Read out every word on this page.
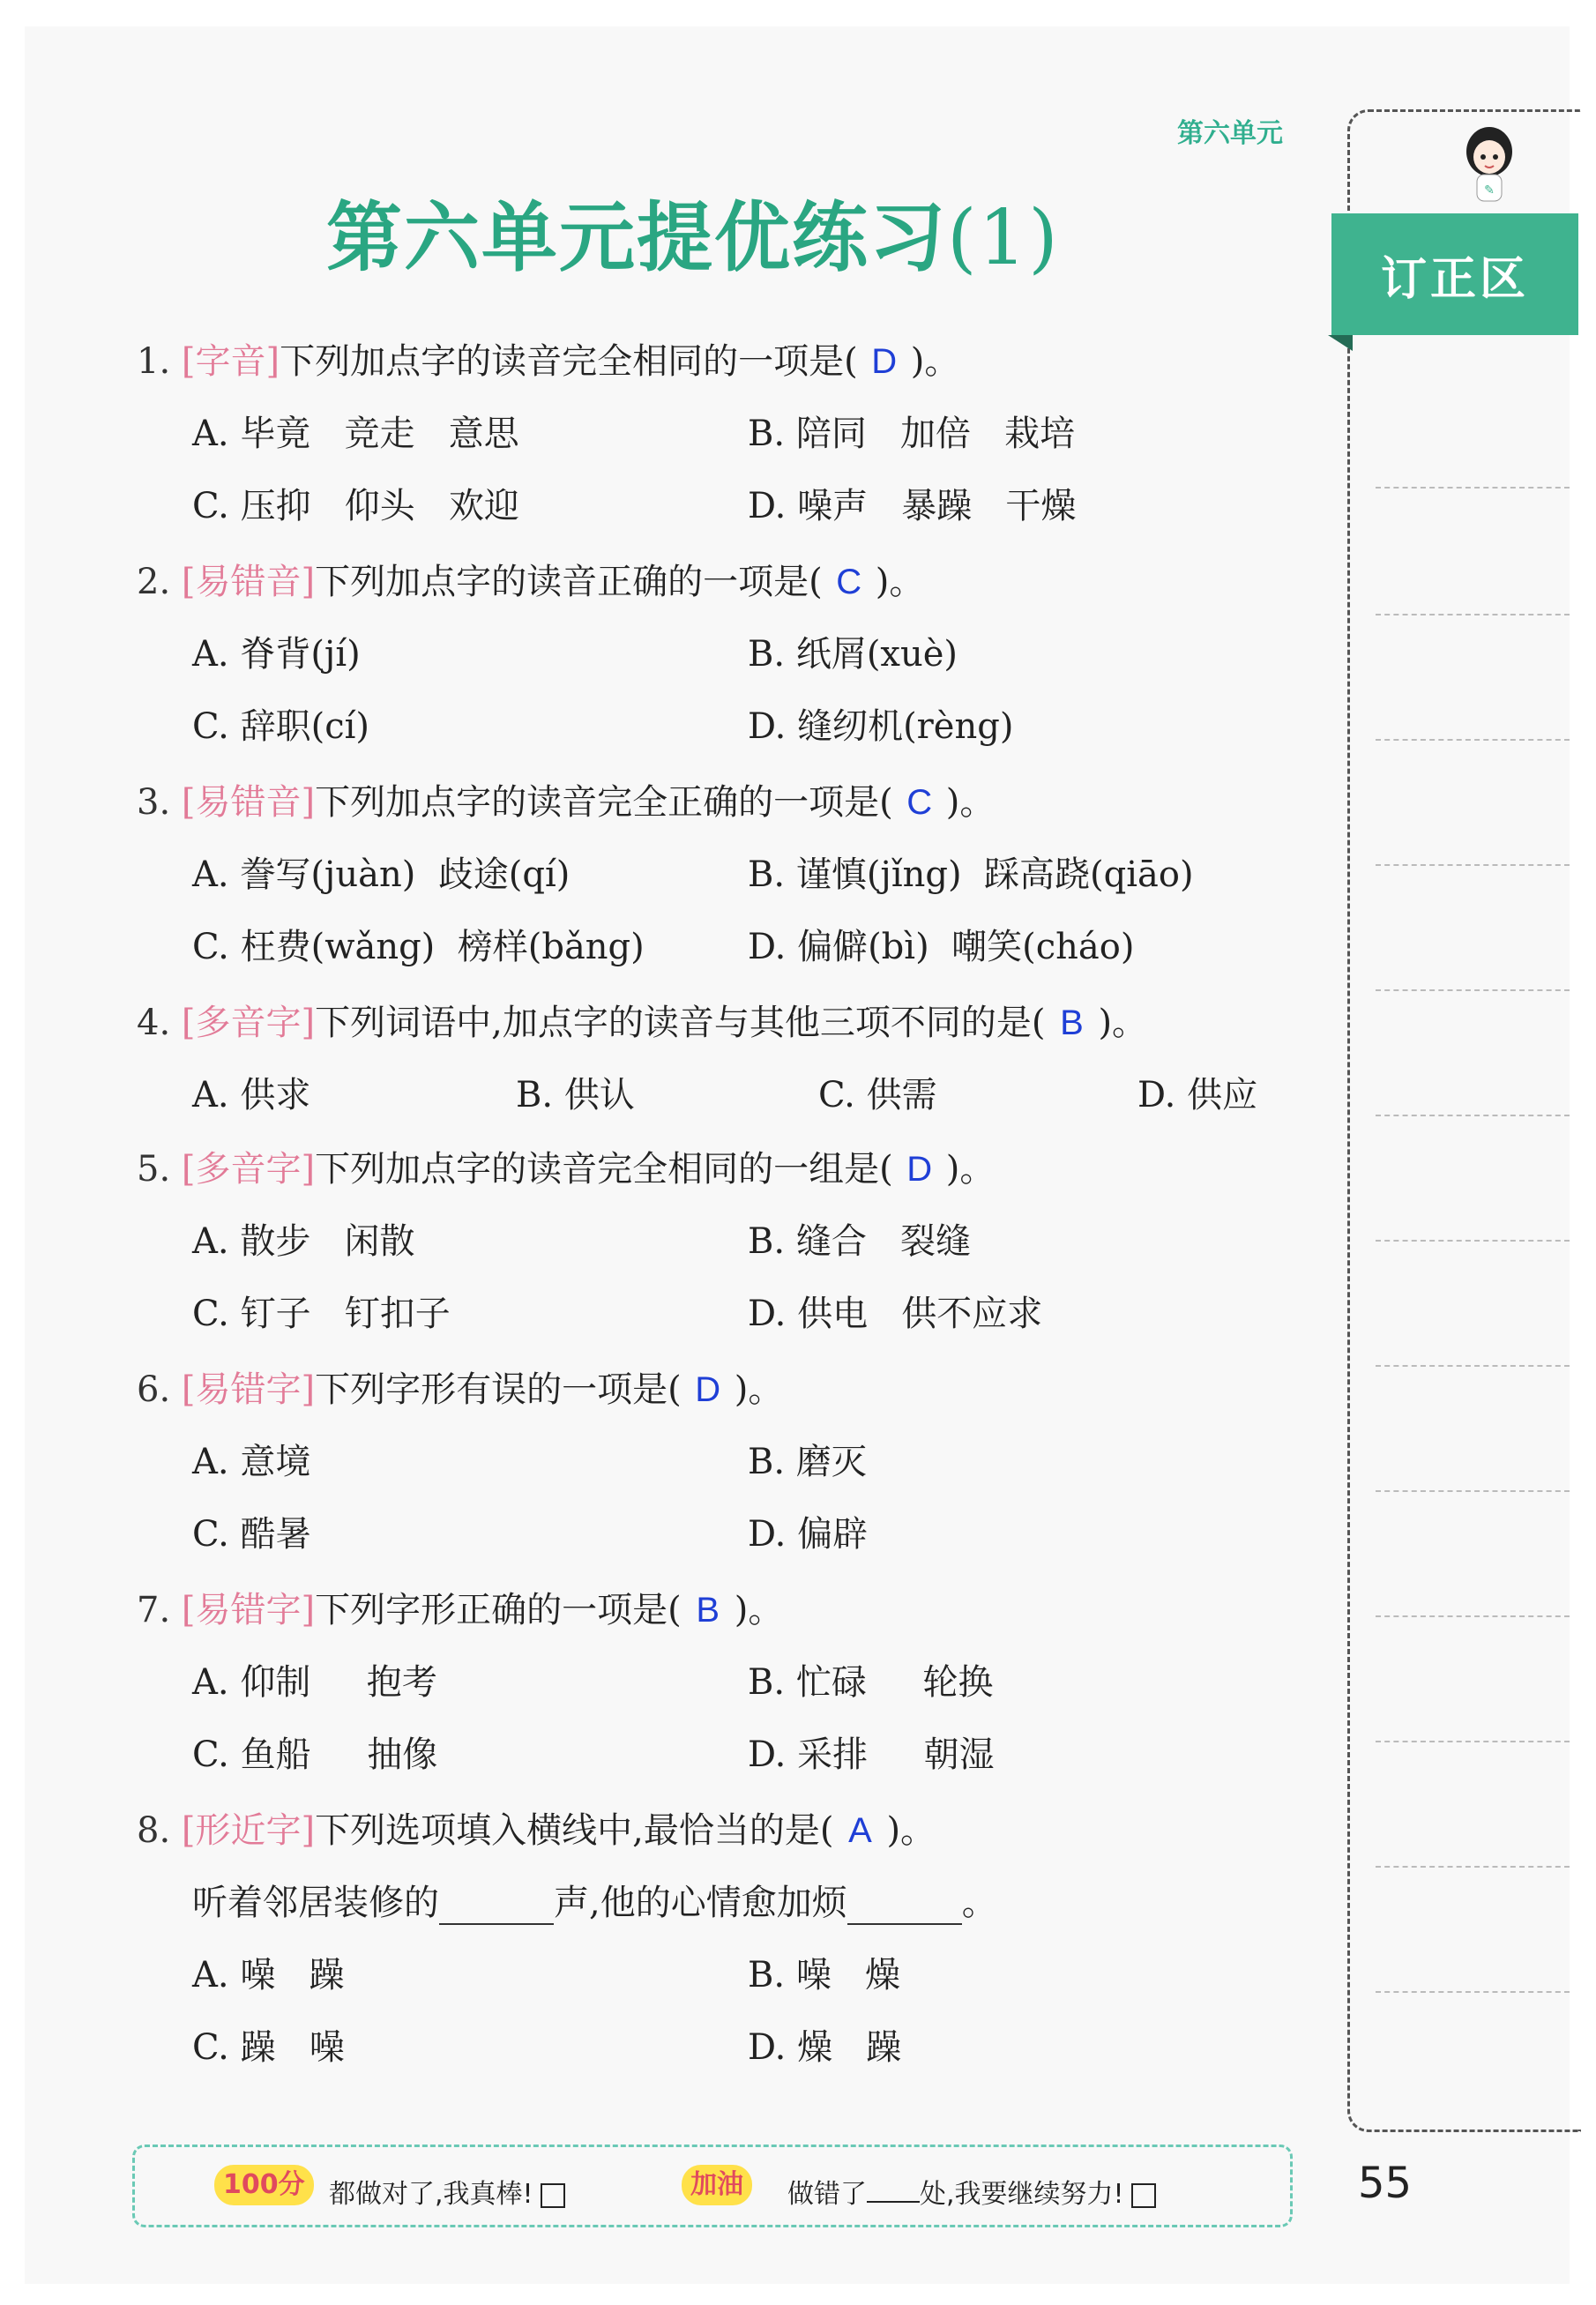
第六单元
第六单元提优练习(1)	订正区
✎
1. [字音]下列加点字的读音完全相同的一项是( D )。
A. 毕竟 竞走 意思	B. 陪同 加倍 栽培
C. 压抑 仰头 欢迎	D. 噪声 暴躁 干燥
2. [易错音]下列加点字的读音正确的一项是( C )。
A. 脊背(jí)	B. 纸屑(xuè)
C. 辞职(cí)	D. 缝纫机(rèng)
3. [易错音]下列加点字的读音完全正确的一项是( C )。
A. 誊写(juàn) 歧途(qí)	B. 谨慎(jǐng) 踩高跷(qiāo)
C. 枉费(wǎng) 榜样(bǎng)	D. 偏僻(bì) 嘲笑(cháo)
4. [多音字]下列词语中,加点字的读音与其他三项不同的是( B )。
A. 供求	B. 供认	C. 供需	D. 供应
5. [多音字]下列加点字的读音完全相同的一组是( D )。
A. 散步 闲散	B. 缝合 裂缝
C. 钉子 钉扣子	D. 供电 供不应求
6. [易错字]下列字形有误的一项是( D )。
A. 意境	B. 磨灭
C. 酷暑	D. 偏辟
7. [易错字]下列字形正确的一项是( B )。
A. 仰制 抱考	B. 忙碌 轮换
C. 鱼船 抽像	D. 采排 朝湿
8. [形近字]下列选项填入横线中,最恰当的是( A )。
听着邻居装修的	声,他的心情愈加烦	。
A. 噪 躁	B. 噪 燥
C. 躁 噪	D. 燥 躁
100分 都做对了,我真棒!	加油	做错了 处,我要继续努力!	55
